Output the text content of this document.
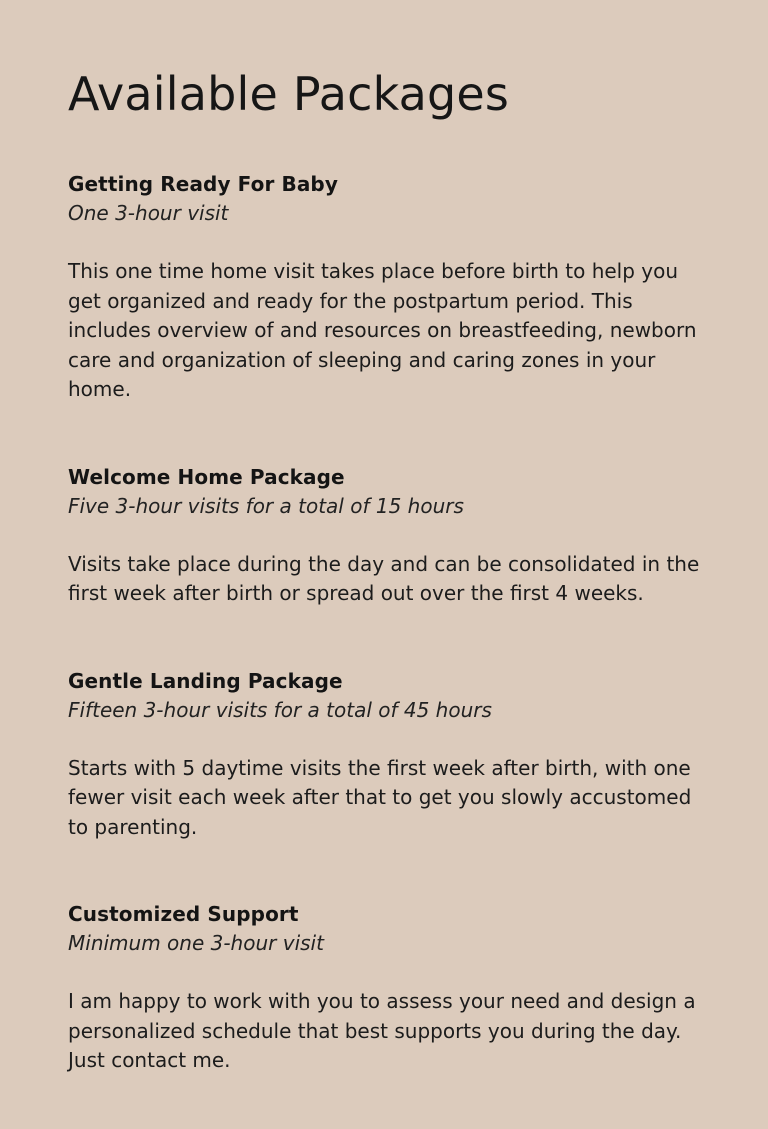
Available Packages
Getting Ready For Baby

One 3-hour visit

This one time home visit takes place before birth to help you get organized and ready for the postpartum period. This includes overview of and resources on breastfeeding, newborn care and organization of sleeping and caring zones in your home.

Welcome Home Package

Five 3-hour visits for a total of 15 hours

Visits take place during the day and can be consolidated in the first week after birth or spread out over the first 4 weeks.

Gentle Landing Package

Fifteen 3-hour visits for a total of 45 hours

Starts with 5 daytime visits the first week after birth, with one fewer visit each week after that to get you slowly accustomed to parenting.

Customized Support

Minimum one 3-hour visit

I am happy to work with you to assess your need and design a personalized schedule that best supports you during the day. Just contact me.
